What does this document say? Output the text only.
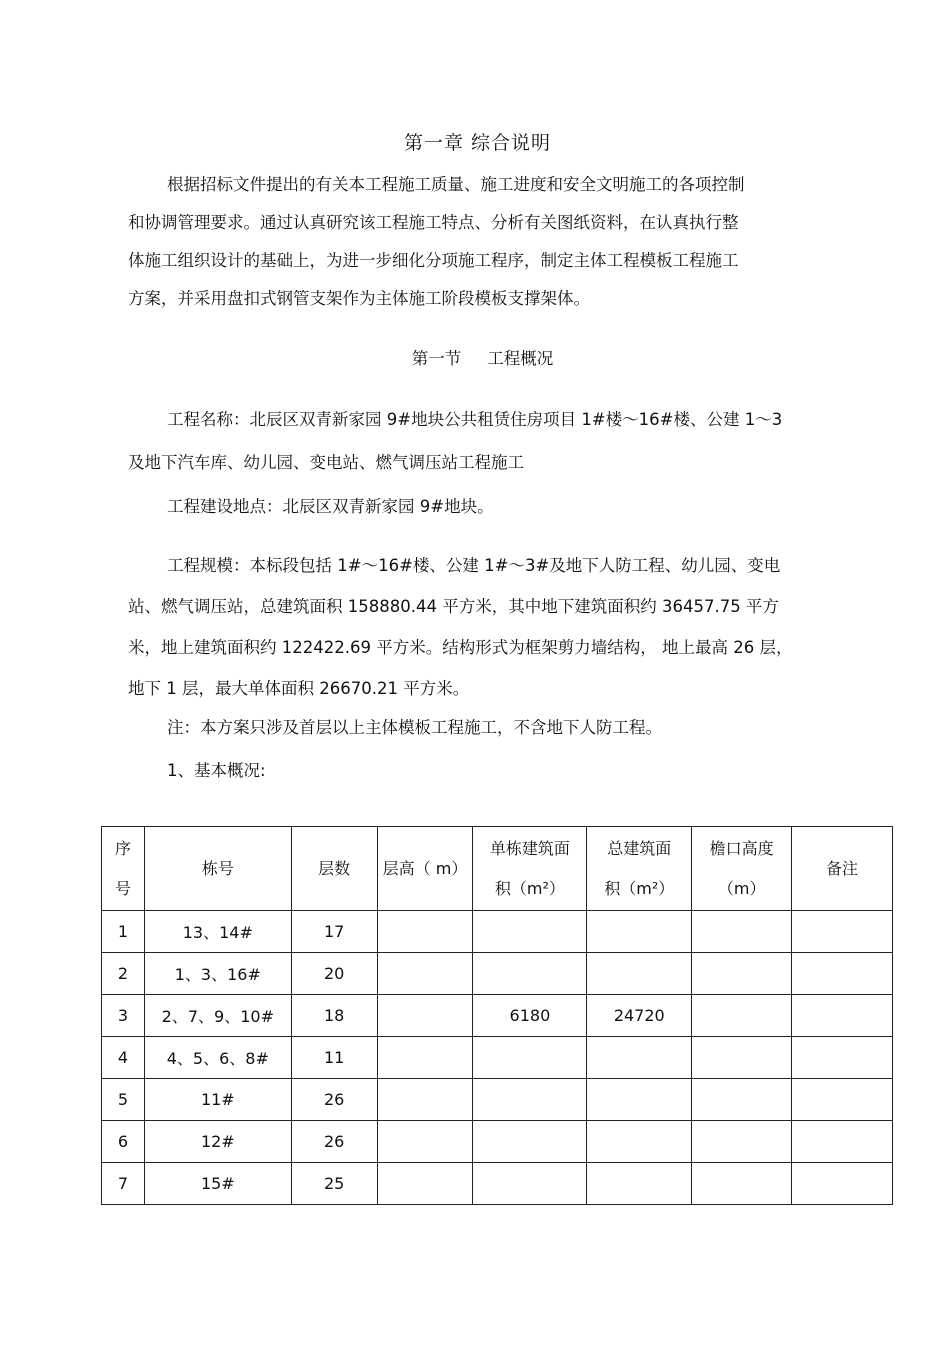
第一章 综合说明

根据招标文件提出的有关本工程施工质量、施工进度和安全文明施工的各项控制
和协调管理要求。通过认真研究该工程施工特点、分析有关图纸资料，在认真执行整
体施工组织设计的基础上，为进一步细化分项施工程序，制定主体工程模板工程施工
方案，并采用盘扣式钢管支架作为主体施工阶段模板支撑架体。

第一节 工程概况

工程名称：北辰区双青新家园 9#地块公共租赁住房项目 1#楼～16#楼、公建 1～3
及地下汽车库、幼儿园、变电站、燃气调压站工程施工

工程建设地点：北辰区双青新家园 9#地块。

工程规模：本标段包括 1#～16#楼、公建 1#～3#及地下人防工程、幼儿园、变电
站、燃气调压站，总建筑面积 158880.44 平方米，其中地下建筑面积约 36457.75 平方
米，地上建筑面积约 122422.69 平方米。结构形式为框架剪力墙结构， 地上最高 26 层，
地下 1 层，最大单体面积 26670.21 平方米。

注：本方案只涉及首层以上主体模板工程施工，不含地下人防工程。

1、基本概况:

序
号	栋号	层数	层高（ m）	单栋建筑面
积（m²）	总建筑面
积（m²）	檐口高度
（m）	备注
1	13、14#	17					
2	1、3、16#	20					
3	2、7、9、10#	18		6180	24720		
4	4、5、6、8#	11					
5	11#	26					
6	12#	26					
7	15#	25					
